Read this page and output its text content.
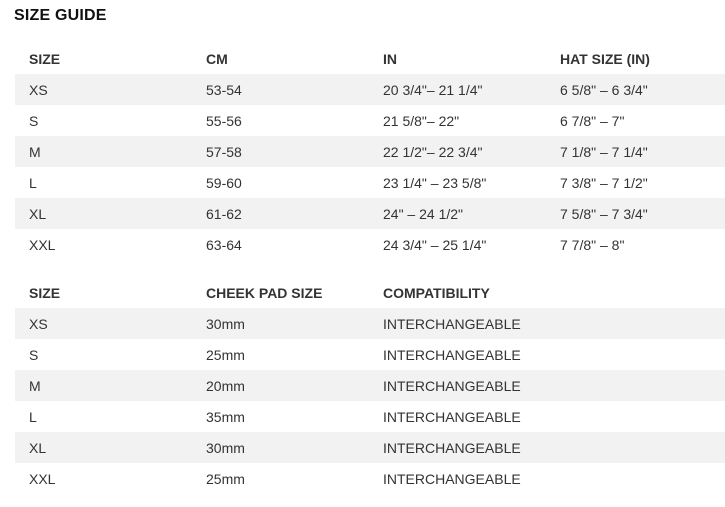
SIZE GUIDE
SIZE	CM	IN	HAT SIZE (IN)
XS	53-54	20 3/4"– 21 1/4"	6 5/8" – 6 3/4"
S	55-56	21 5/8"– 22"	6 7/8" – 7"
M	57-58	22 1/2"– 22 3/4"	7 1/8" – 7 1/4"
L	59-60	23 1/4" – 23 5/8"	7 3/8" – 7 1/2"
XL	61-62	24" – 24 1/2"	7 5/8" – 7 3/4"
XXL	63-64	24 3/4" – 25 1/4"	7 7/8" – 8"
SIZE	CHEEK PAD SIZE	COMPATIBILITY	
XS	30mm	INTERCHANGEABLE	
S	25mm	INTERCHANGEABLE	
M	20mm	INTERCHANGEABLE	
L	35mm	INTERCHANGEABLE	
XL	30mm	INTERCHANGEABLE	
XXL	25mm	INTERCHANGEABLE	
